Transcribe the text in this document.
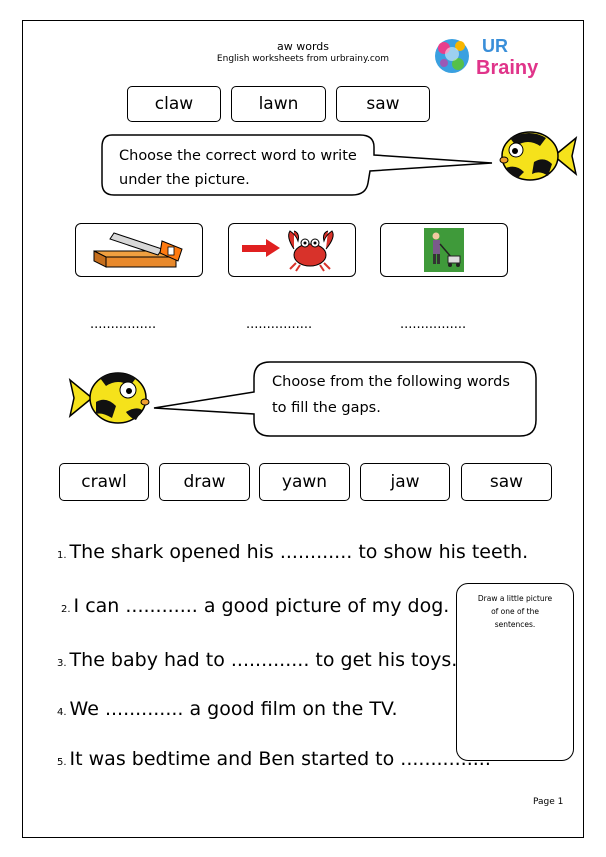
aw words
English worksheets from urbrainy.com
UR
Brainy
claw	lawn	saw
Choose the correct word to write
under the picture.
................	................	................
Choose from the following words
to fill the gaps.
crawl	draw	yawn	jaw	saw
1. The shark opened his ............ to show his teeth.
2. I can ............ a good picture of my dog.
3. The baby had to ............. to get his toys.
4. We ............. a good film on the TV.
5. It was bedtime and Ben started to ...............
Draw a little picture
of one of the
sentences.
Page 1
